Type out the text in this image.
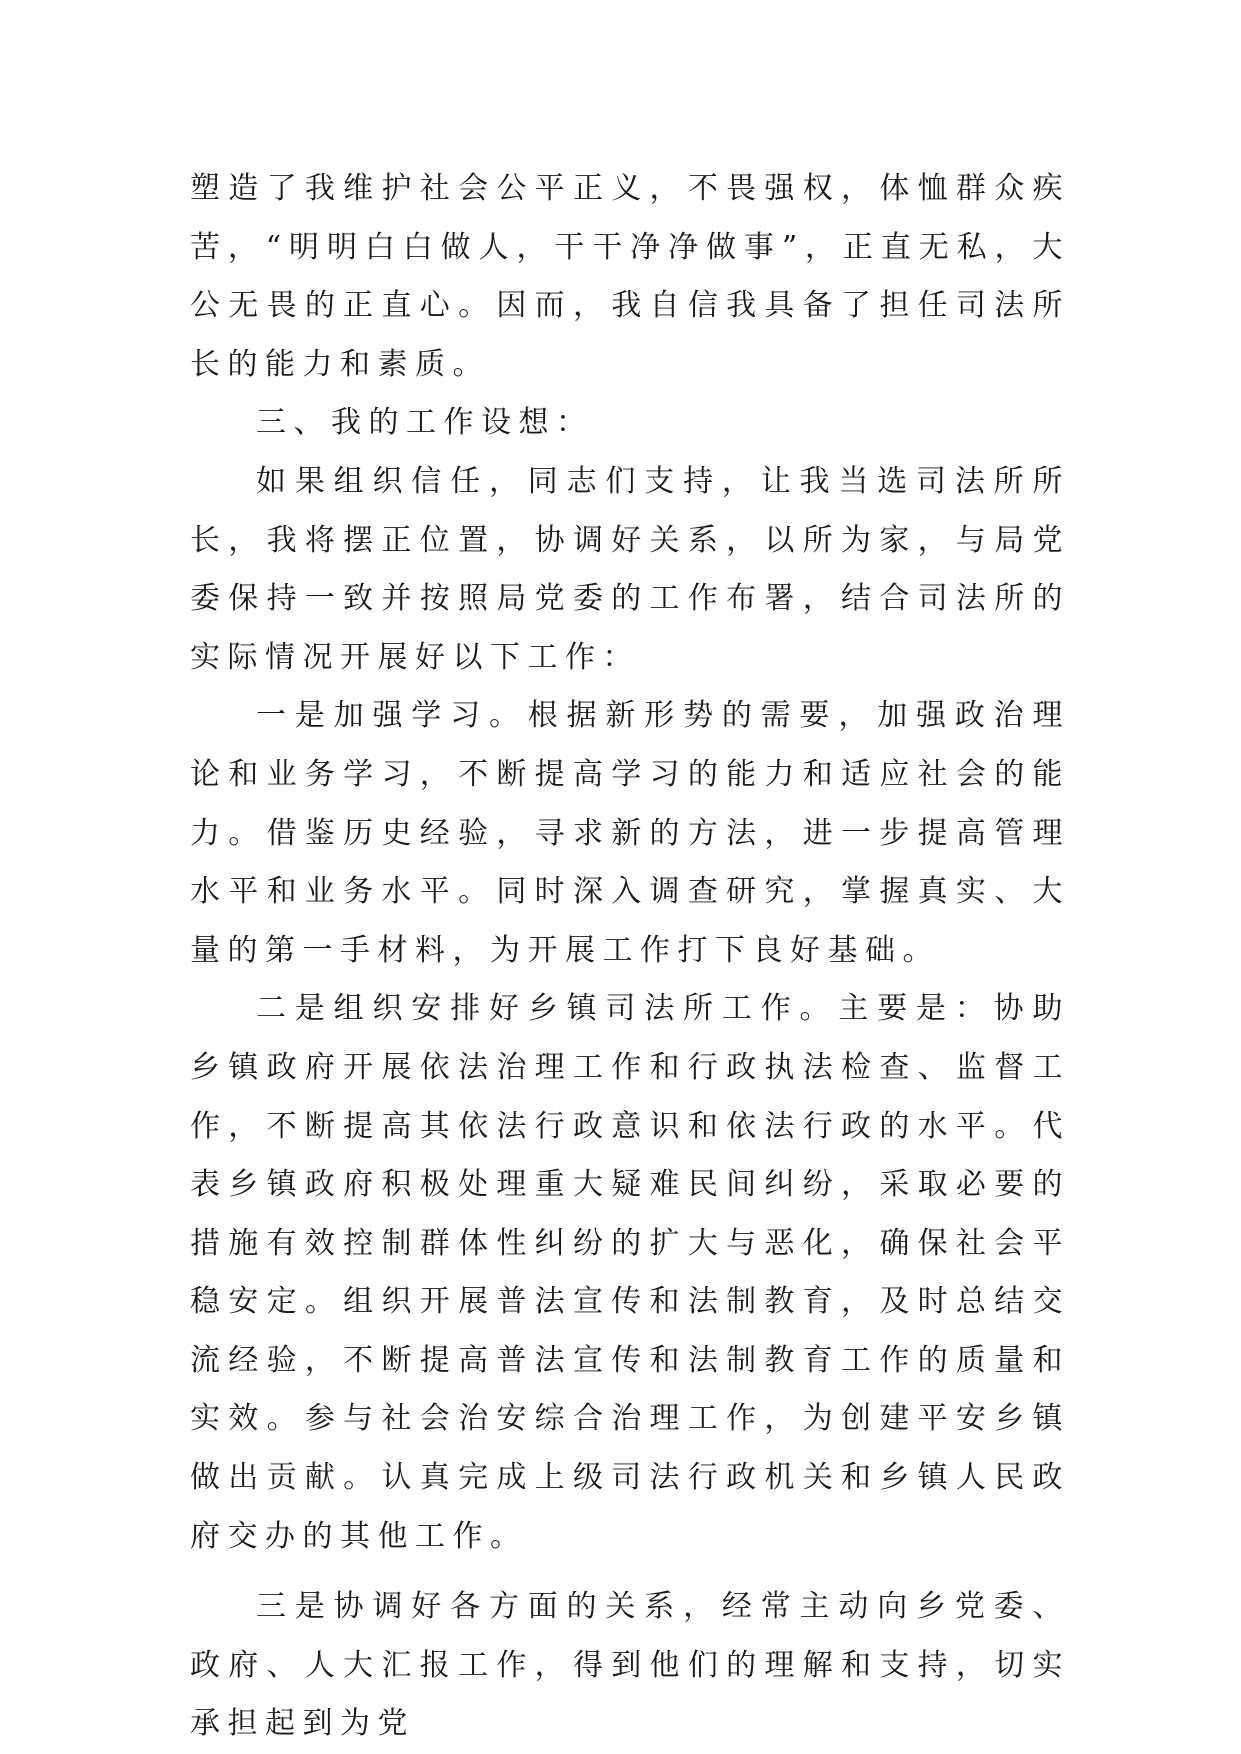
塑造了我维护社会公平正义，不畏强权，体恤群众疾苦，“明明白白做人，干干净净做事”，正直无私，大公无畏的正直心。因而，我自信我具备了担任司法所长的能力和素质。

三、我的工作设想：

如果组织信任，同志们支持，让我当选司法所所长，我将摆正位置，协调好关系，以所为家，与局党委保持一致并按照局党委的工作布署，结合司法所的实际情况开展好以下工作：

一是加强学习。根据新形势的需要，加强政治理论和业务学习，不断提高学习的能力和适应社会的能力。借鉴历史经验，寻求新的方法，进一步提高管理水平和业务水平。同时深入调查研究，掌握真实、大量的第一手材料，为开展工作打下良好基础。

二是组织安排好乡镇司法所工作。主要是：协助乡镇政府开展依法治理工作和行政执法检查、监督工作，不断提高其依法行政意识和依法行政的水平。代表乡镇政府积极处理重大疑难民间纠纷，采取必要的措施有效控制群体性纠纷的扩大与恶化，确保社会平稳安定。组织开展普法宣传和法制教育，及时总结交流经验，不断提高普法宣传和法制教育工作的质量和实效。参与社会治安综合治理工作，为创建平安乡镇做出贡献。认真完成上级司法行政机关和乡镇人民政府交办的其他工作。

三是协调好各方面的关系，经常主动向乡党委、政府、人大汇报工作，得到他们的理解和支持，切实承担起到为党
